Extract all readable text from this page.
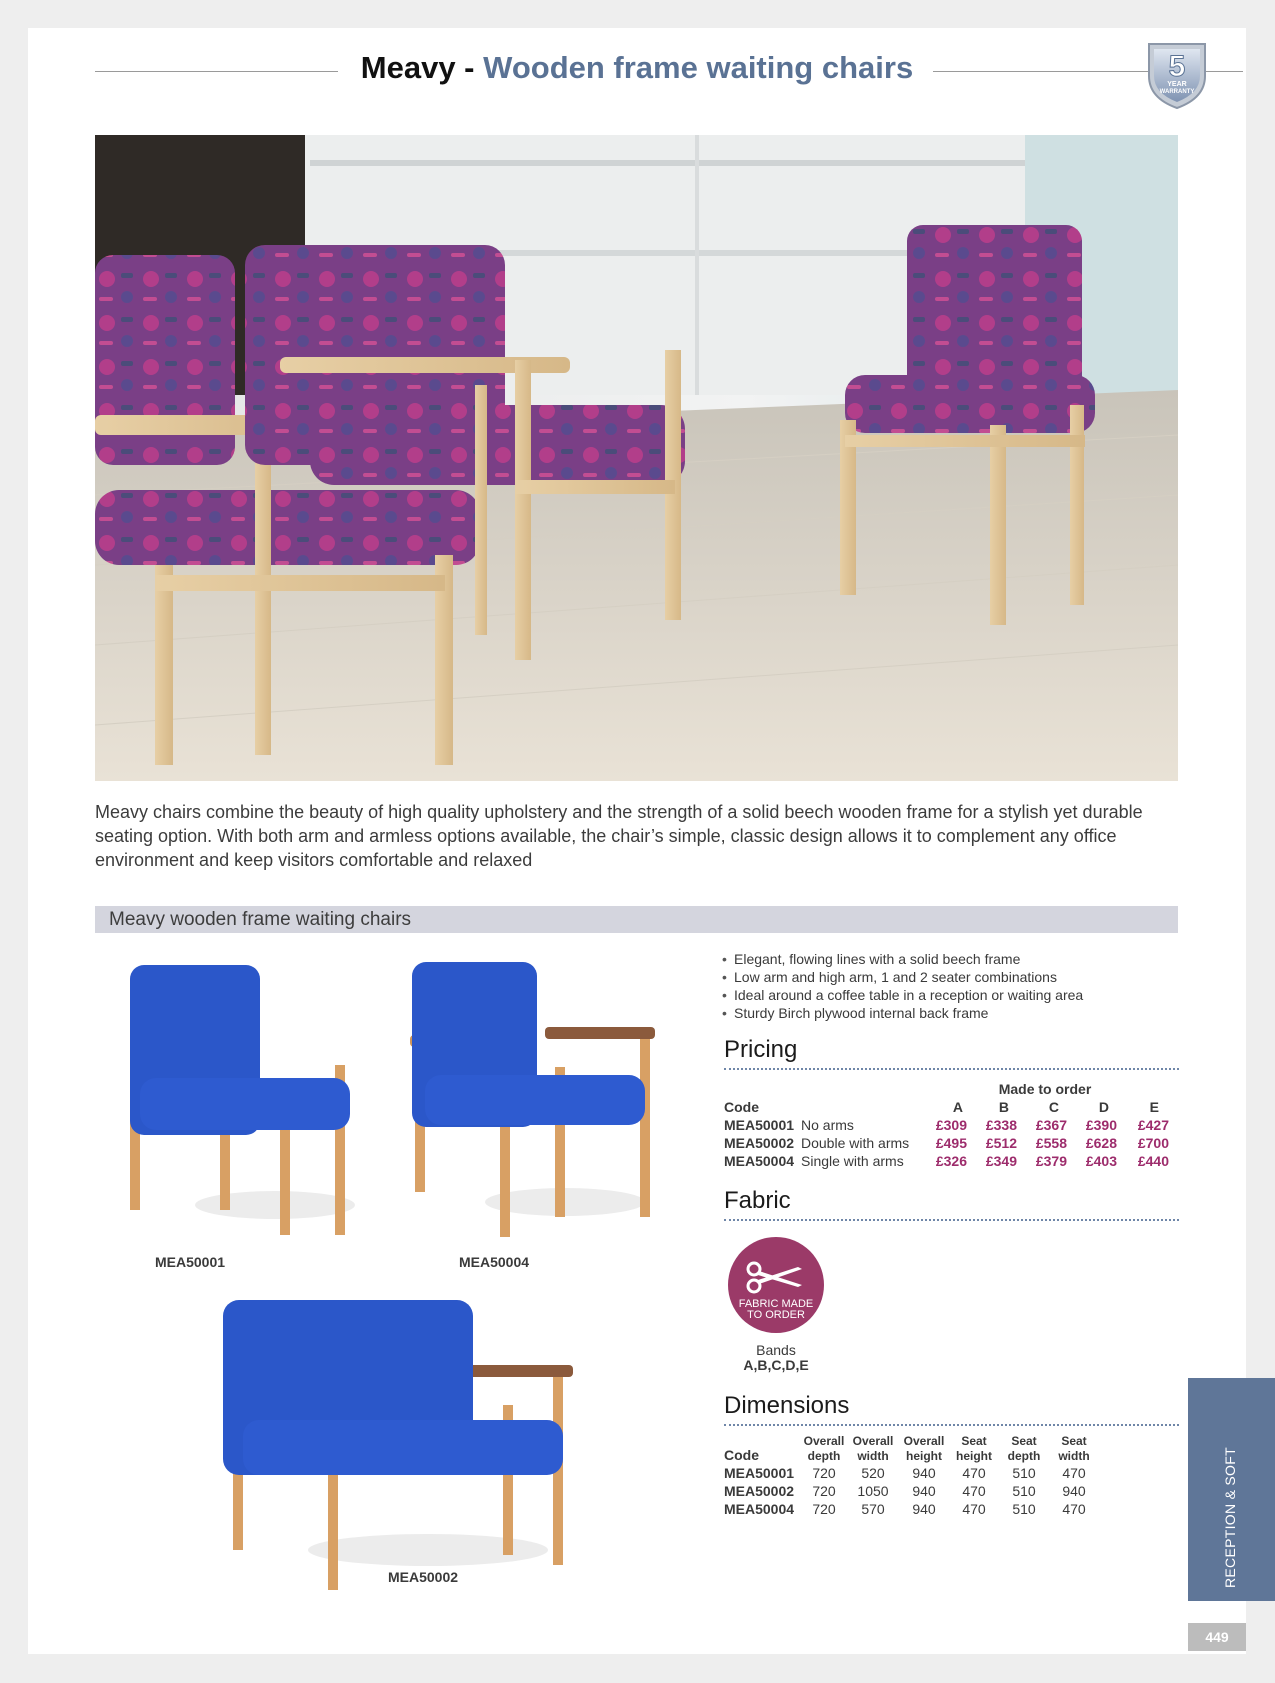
Meavy - Wooden frame waiting chairs	5
YEAR
WARRANTY
Meavy chairs combine the beauty of high quality upholstery and the strength of a solid beech wooden frame for a stylish yet durable seating option. With both arm and armless options available, the chair’s simple, classic design allows it to complement any office environment and keep visitors comfortable and relaxed
Meavy wooden frame waiting chairs
MEA50001	MEA50004
MEA50002
• Elegant, flowing lines with a solid beech frame
• Low arm and high arm, 1 and 2 seater combinations
• Ideal around a coffee table in a reception or waiting area
• Sturdy Birch plywood internal back frame
Pricing
		Made to order				
Code		A	B	C	D	E
MEA50001	No arms	£309	£338	£367	£390	£427
MEA50002	Double with arms	£495	£512	£558	£628	£700
MEA50004	Single with arms	£326	£349	£379	£403	£440
Fabric
FABRIC MADE
TO ORDER
Bands
A,B,C,D,E
Dimensions
Code	Overall	Overall	Overall	Seat	Seat	Seat
	depth	width	height	height	depth	width
MEA50001	720	520	940	470	510	470
MEA50002	720	1050	940	470	510	940
MEA50004	720	570	940	470	510	470	RECEPTION & SOFT
449
